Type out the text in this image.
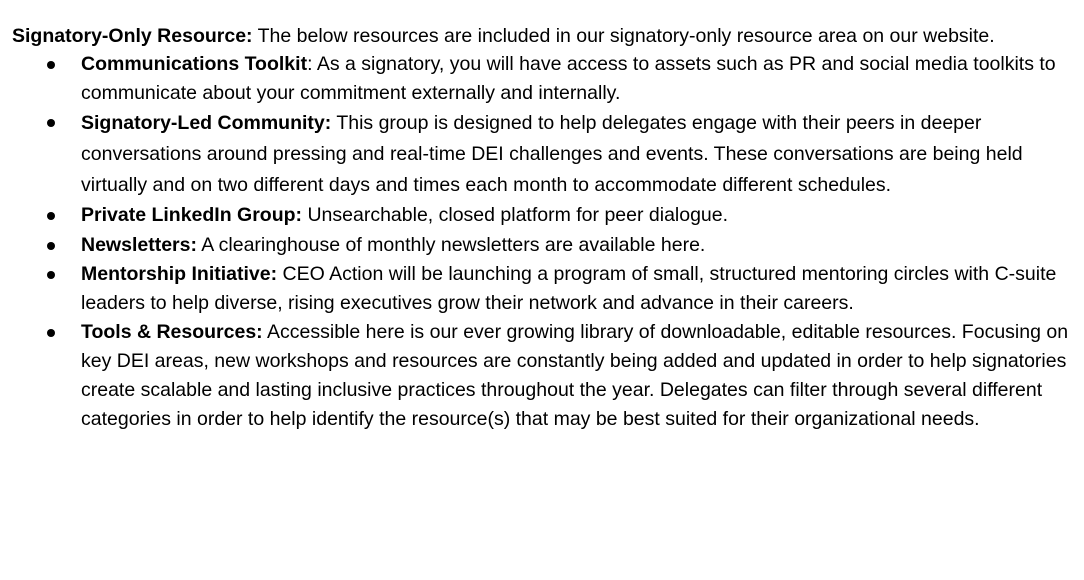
Signatory-Only Resource: The below resources are included in our signatory-only resource area on our website.

Communications Toolkit: As a signatory, you will have access to assets such as PR and social media toolkits to communicate about your commitment externally and internally.
Signatory-Led Community: This group is designed to help delegates engage with their peers in deeper conversations around pressing and real-time DEI challenges and events. These conversations are being held virtually and on two different days and times each month to accommodate different schedules.
Private LinkedIn Group: Unsearchable, closed platform for peer dialogue.
Newsletters: A clearinghouse of monthly newsletters are available here.
Mentorship Initiative: CEO Action will be launching a program of small, structured mentoring circles with C-suite leaders to help diverse, rising executives grow their network and advance in their careers.
Tools & Resources: Accessible here is our ever growing library of downloadable, editable resources. Focusing on key DEI areas, new workshops and resources are constantly being added and updated in order to help signatories create scalable and lasting inclusive practices throughout the year. Delegates can filter through several different categories in order to help identify the resource(s) that may be best suited for their organizational needs.
